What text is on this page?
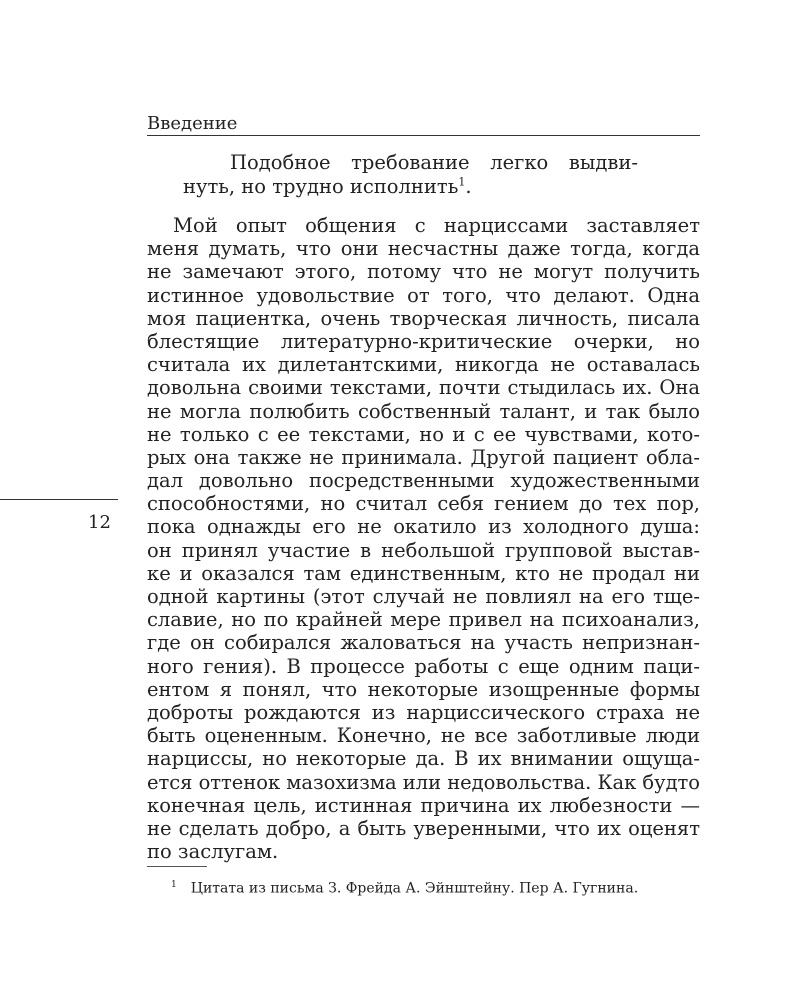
Введение
Подобное требование легко выдви-
нуть, но трудно исполнить$^1$.
Мой опыт общения с нарциссами заставляет
меня думать, что они несчастны даже тогда, когда
не замечают этого, потому что не могут получить
истинное удовольствие от того, что делают. Одна
моя пациентка, очень творческая личность, писала
блестящие литературно-критические очерки, но
считала их дилетантскими, никогда не оставалась
довольна своими текстами, почти стыдилась их. Она
не могла полюбить собственный талант, и так было
не только с ее текстами, но и с ее чувствами, кото-
рых она также не принимала. Другой пациент обла-
дал довольно посредственными художественными
способностями, но считал себя гением до тех пор,
пока однажды его не окатило из холодного душа:
он принял участие в небольшой групповой выстав-
ке и оказался там единственным, кто не продал ни
одной картины (этот случай не повлиял на его тще-
славие, но по крайней мере привел на психоанализ,
где он собирался жаловаться на участь непризнан-
ного гения). В процессе работы с еще одним паци-
ентом я понял, что некоторые изощренные формы
доброты рождаются из нарциссического страха не
быть оцененным. Конечно, не все заботливые люди
нарциссы, но некоторые да. В их внимании ощуща-
ется оттенок мазохизма или недовольства. Как будто
конечная цель, истинная причина их любезности —
не сделать добро, а быть уверенными, что их оценят
по заслугам.
12
$^1$ Цитата из письма З. Фрейда А. Эйнштейну. Пер А. Гугнина.
